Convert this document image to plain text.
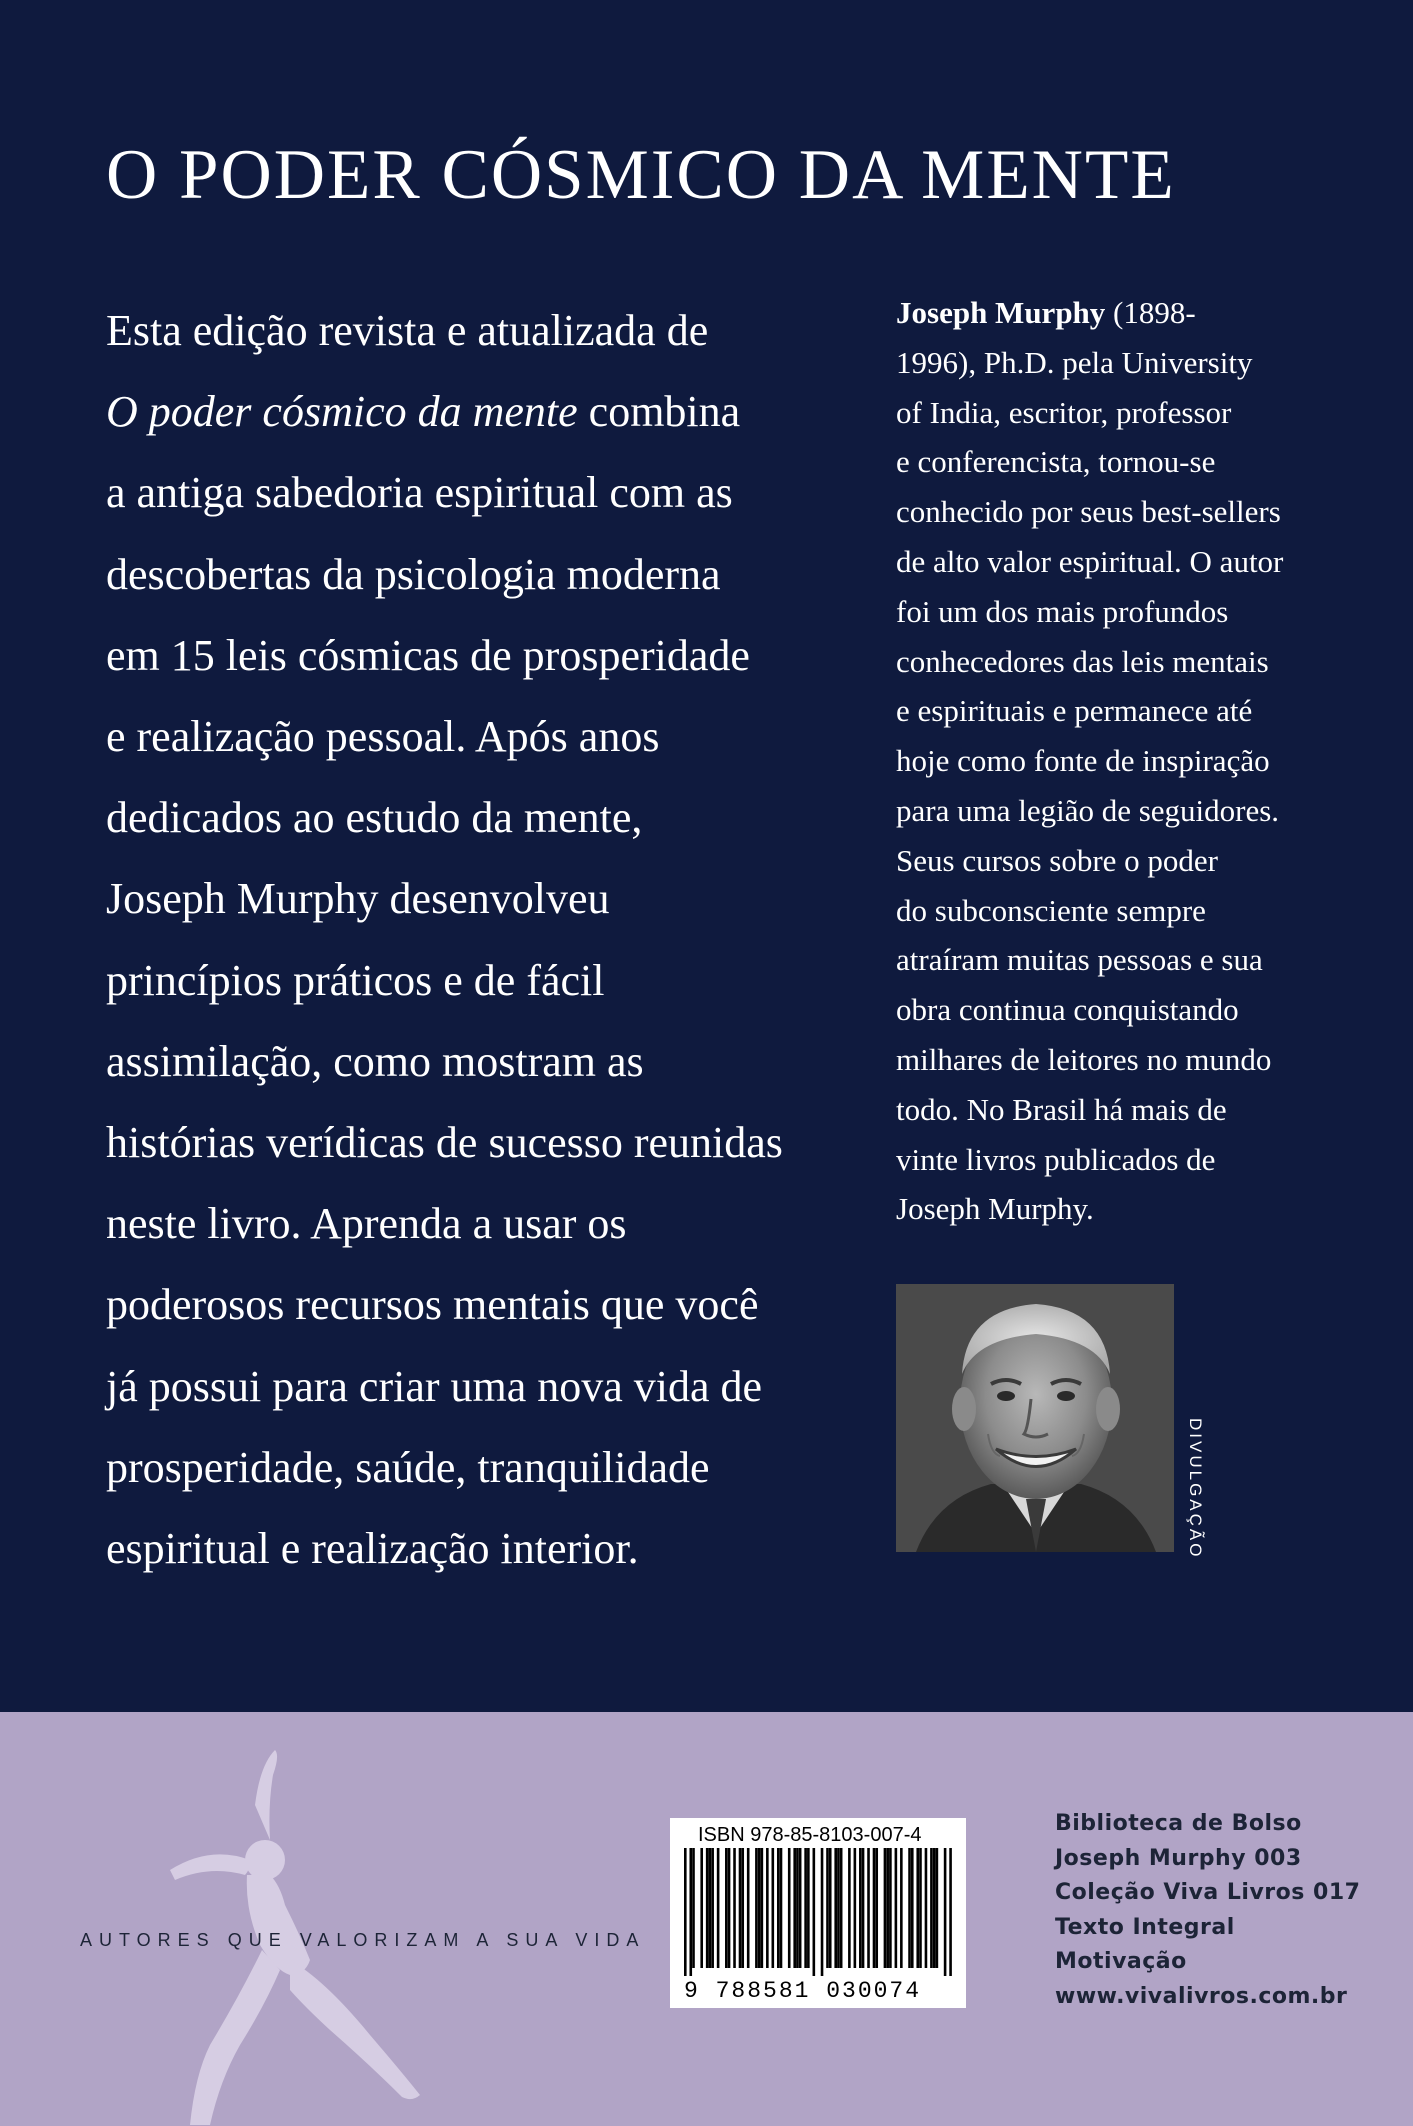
O PODER CÓSMICO DA MENTE
Esta edição revista e atualizada de
O poder cósmico da mente combina
a antiga sabedoria espiritual com as
descobertas da psicologia moderna
em 15 leis cósmicas de prosperidade
e realização pessoal. Após anos
dedicados ao estudo da mente,
Joseph Murphy desenvolveu
princípios práticos e de fácil
assimilação, como mostram as
histórias verídicas de sucesso reunidas
neste livro. Aprenda a usar os
poderosos recursos mentais que você
já possui para criar uma nova vida de
prosperidade, saúde, tranquilidade
espiritual e realização interior.
Joseph Murphy (1898-
1996), Ph.D. pela University
of India, escritor, professor
e conferencista, tornou-se
conhecido por seus best-sellers
de alto valor espiritual. O autor
foi um dos mais profundos
conhecedores das leis mentais
e espirituais e permanece até
hoje como fonte de inspiração
para uma legião de seguidores.
Seus cursos sobre o poder
do subconsciente sempre
atraíram muitas pessoas e sua
obra continua conquistando
milhares de leitores no mundo
todo. No Brasil há mais de
vinte livros publicados de
Joseph Murphy.
DIVULGAÇÃO
AUTORES QUE VALORIZAM A SUA VIDA
ISBN 978-85-8103-007-4
9 788581 030074
Biblioteca de Bolso
Joseph Murphy 003
Coleção Viva Livros 017
Texto Integral
Motivação
www.vivalivros.com.br
